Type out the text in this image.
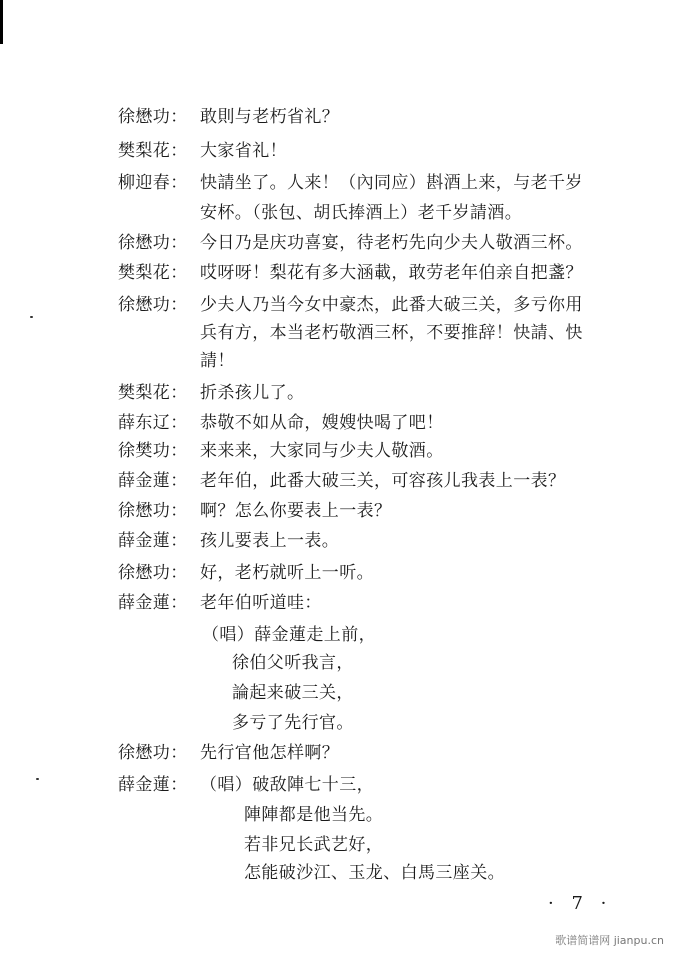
徐懋功： 敢則与老朽省礼？
樊梨花： 大家省礼！
柳迎春： 快請坐了。人来！（內同应）斟酒上来，与老千岁
安杯。（张包、胡氏捧酒上）老千岁請酒。
徐懋功： 今日乃是庆功喜宴，待老朽先向少夫人敬酒三杯。
樊梨花： 哎呀呀！梨花有多大涵載，敢劳老年伯亲自把盞？
徐懋功： 少夫人乃当今女中豪杰，此番大破三关，多亏你用
兵有方，本当老朽敬酒三杯，不要推辞！快請、快
請！
樊梨花： 折杀孩儿了。
薛东辽： 恭敬不如从命，嫂嫂快喝了吧！
徐樊功： 来来来，大家同与少夫人敬酒。
薛金蓮： 老年伯，此番大破三关，可容孩儿我表上一表？
徐懋功： 啊？怎么你要表上一表？
薛金蓮： 孩儿要表上一表。
徐懋功： 好，老朽就听上一听。
薛金蓮： 老年伯听道哇：
（唱）薛金蓮走上前，
徐伯父听我言，
論起来破三关，
多亏了先行官。
徐懋功： 先行官他怎样啊？
薛金蓮： （唱）破敌陣七十三，
陣陣都是他当先。
若非兄长武艺好，
怎能破沙江、玉龙、白馬三座关。
· 7 ·
歌谱简谱网 jianpu.cn
